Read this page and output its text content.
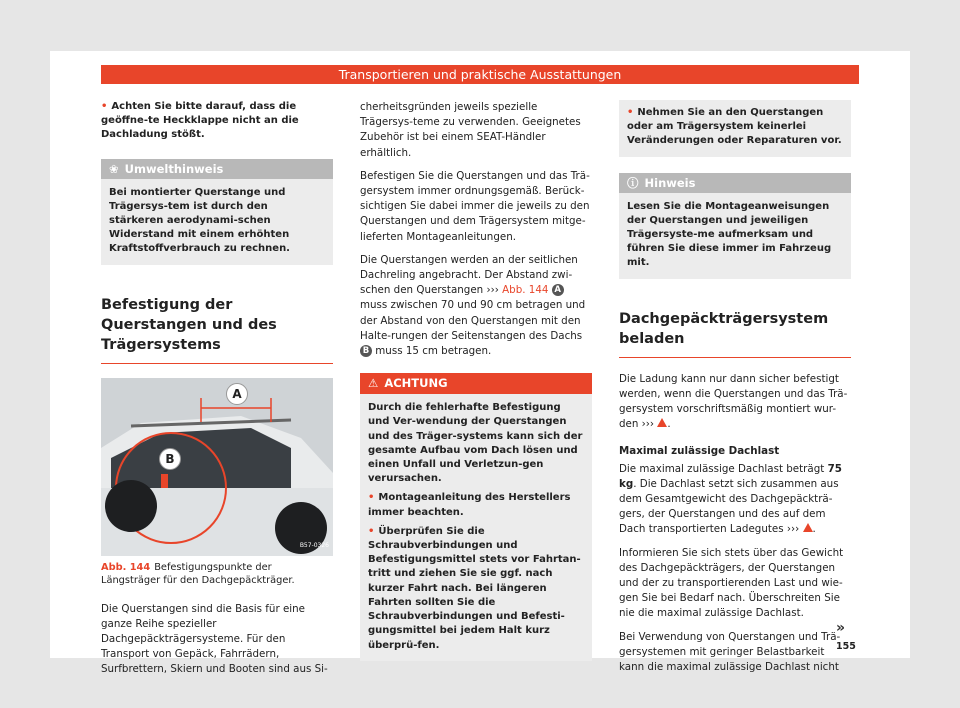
Transportieren und praktische Ausstattungen

• Achten Sie bitte darauf, dass die geöffne-te Heckklappe nicht an die Dachladung stößt.

❀ Umwelthinweis
Bei montierter Querstange und Trägersys-tem ist durch den stärkeren aerodynami-schen Widerstand mit einem erhöhten Kraftstoffverbrauch zu rechnen.
Befestigung der Querstangen und des Trägersystems
A
B
B57-0326
Abb. 144 Befestigungspunkte der Längsträger für den Dachgepäckträger.

Die Querstangen sind die Basis für eine ganze Reihe spezieller Dachgepäckträgersysteme. Für den Transport von Gepäck, Fahrrädern, Surfbrettern, Skiern und Booten sind aus Si-

cherheitsgründen jeweils spezielle Trägersys-teme zu verwenden. Geeignetes Zubehör ist bei einem SEAT-Händler erhältlich.

Befestigen Sie die Querstangen und das Trä-gersystem immer ordnungsgemäß. Berück-sichtigen Sie dabei immer die jeweils zu den Querstangen und dem Trägersystem mitge-lieferten Montageanleitungen.

Die Querstangen werden an der seitlichen Dachreling angebracht. Der Abstand zwi-schen den Querstangen ››› Abb. 144 A muss zwischen 70 und 90 cm betragen und der Abstand von den Querstangen mit den Halte-rungen der Seitenstangen des Dachs B muss 15 cm betragen.

⚠ ACHTUNG

Durch die fehlerhafte Befestigung und Ver-wendung der Querstangen und des Träger-systems kann sich der gesamte Aufbau vom Dach lösen und einen Unfall und Verletzun-gen verursachen.

• Montageanleitung des Herstellers immer beachten.

• Überprüfen Sie die Schraubverbindungen und Befestigungsmittel stets vor Fahrtan-tritt und ziehen Sie sie ggf. nach kurzer Fahrt nach. Bei längeren Fahrten sollten Sie die Schraubverbindungen und Befesti-gungsmittel bei jedem Halt kurz überprü-fen.

• Nehmen Sie an den Querstangen oder am Trägersystem keinerlei Veränderungen oder Reparaturen vor.
ⓘ Hinweis
Lesen Sie die Montageanweisungen der Querstangen und jeweiligen Trägersyste-me aufmerksam und führen Sie diese immer im Fahrzeug mit.
Dachgepäckträgersystem beladen

Die Ladung kann nur dann sicher befestigt werden, wenn die Querstangen und das Trä-gersystem vorschriftsmäßig montiert wur-den ››› .

Maximal zulässige Dachlast

Die maximal zulässige Dachlast beträgt 75 kg. Die Dachlast setzt sich zusammen aus dem Gesamtgewicht des Dachgepäckträ-gers, der Querstangen und des auf dem Dach transportierten Ladegutes ››› .

Informieren Sie sich stets über das Gewicht des Dachgepäckträgers, der Querstangen und der zu transportierenden Last und wie-gen Sie bei Bedarf nach. Überschreiten Sie nie die maximal zulässige Dachlast.

Bei Verwendung von Querstangen und Trä-gersystemen mit geringer Belastbarkeit kann die maximal zulässige Dachlast nicht

»
155
